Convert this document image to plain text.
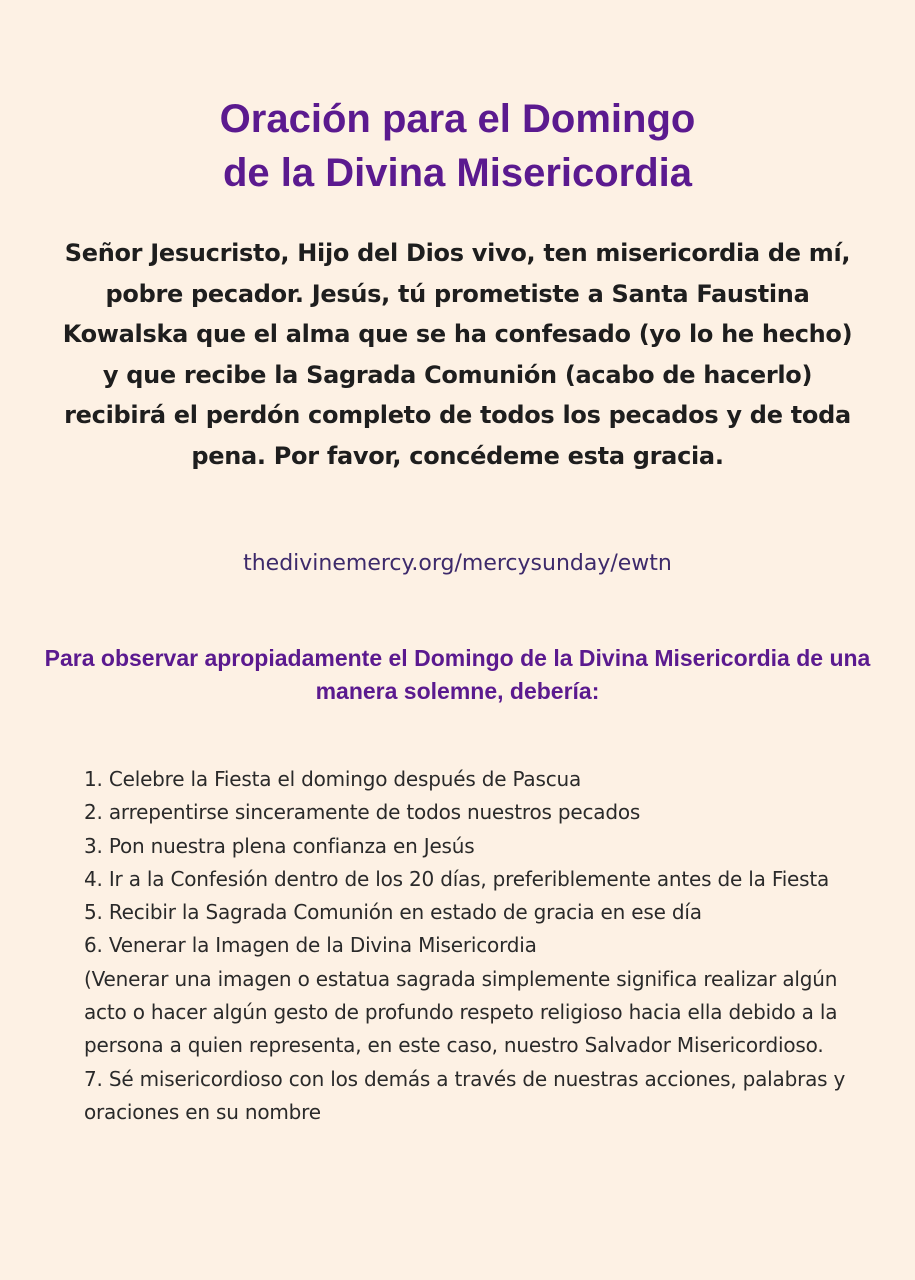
Oración para el Domingo
de la Divina Misericordia

Señor Jesucristo, Hijo del Dios vivo, ten misericordia de mí, pobre pecador. Jesús, tú prometiste a Santa Faustina Kowalska que el alma que se ha confesado (yo lo he hecho) y que recibe la Sagrada Comunión (acabo de hacerlo) recibirá el perdón completo de todos los pecados y de toda pena. Por favor, concédeme esta gracia.

thedivinemercy.org/mercysunday/ewtn
Para observar apropiadamente el Domingo de la Divina Misericordia de una manera solemne, debería:
1. Celebre la Fiesta el domingo después de Pascua
2. arrepentirse sinceramente de todos nuestros pecados
3. Pon nuestra plena confianza en Jesús
4. Ir a la Confesión dentro de los 20 días, preferiblemente antes de la Fiesta
5. Recibir la Sagrada Comunión en estado de gracia en ese día
6. Venerar la Imagen de la Divina Misericordia
(Venerar una imagen o estatua sagrada simplemente significa realizar algún acto o hacer algún gesto de profundo respeto religioso hacia ella debido a la persona a quien representa, en este caso, nuestro Salvador Misericordioso.
7. Sé misericordioso con los demás a través de nuestras acciones, palabras y oraciones en su nombre
